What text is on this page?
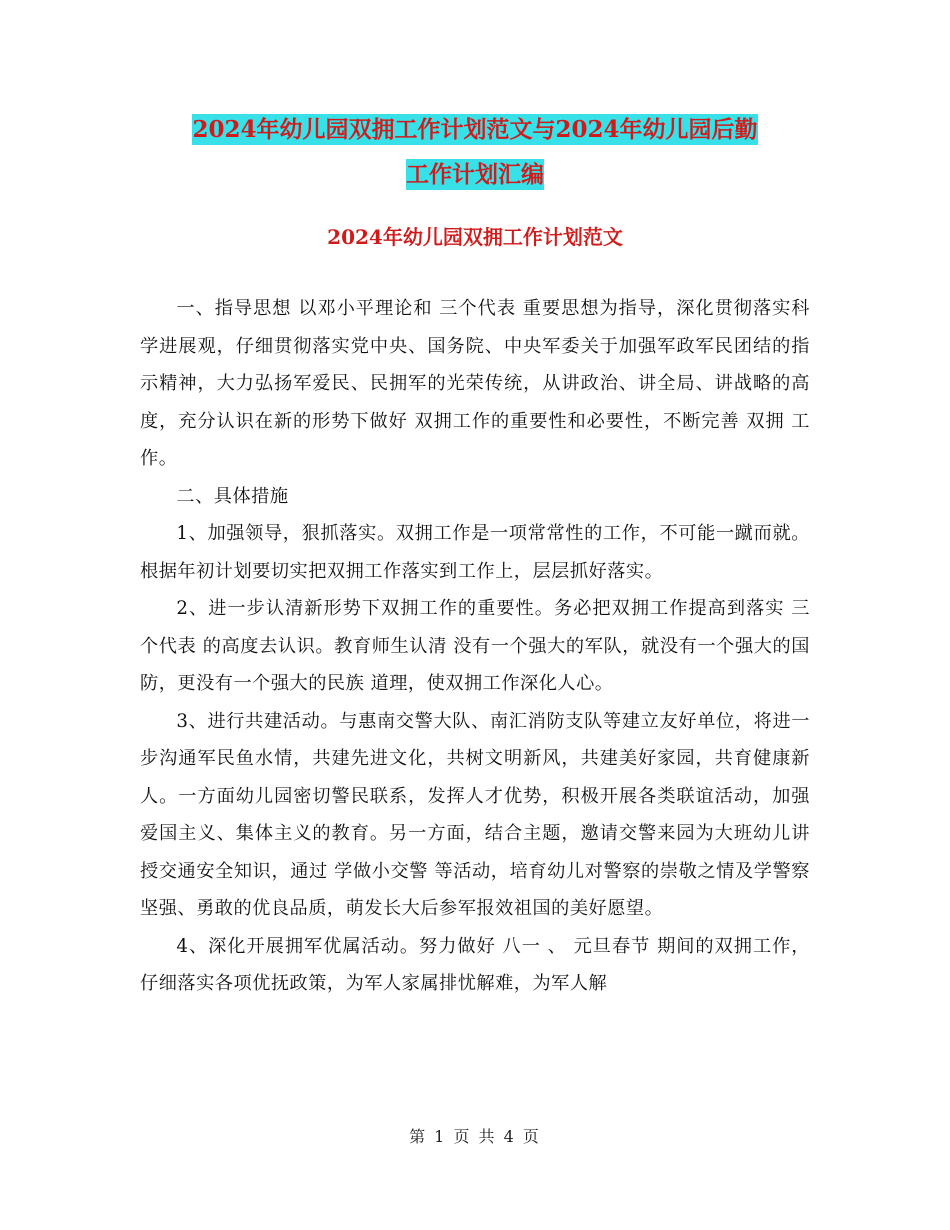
2024年幼儿园双拥工作计划范文与2024年幼儿园后勤
工作计划汇编
2024年幼儿园双拥工作计划范文

一、指导思想 以邓小平理论和 三个代表 重要思想为指导，深化贯彻落实科学进展观，仔细贯彻落实党中央、国务院、中央军委关于加强军政军民团结的指示精神，大力弘扬军爱民、民拥军的光荣传统，从讲政治、讲全局、讲战略的高度，充分认识在新的形势下做好 双拥工作的重要性和必要性，不断完善 双拥 工作。

二、具体措施

1、加强领导，狠抓落实。双拥工作是一项常常性的工作，不可能一蹴而就。根据年初计划要切实把双拥工作落实到工作上，层层抓好落实。

2、进一步认清新形势下双拥工作的重要性。务必把双拥工作提高到落实 三个代表 的高度去认识。教育师生认清 没有一个强大的军队，就没有一个强大的国防，更没有一个强大的民族 道理，使双拥工作深化人心。

3、进行共建活动。与惠南交警大队、南汇消防支队等建立友好单位，将进一步沟通军民鱼水情，共建先进文化，共树文明新风，共建美好家园，共育健康新人。一方面幼儿园密切警民联系，发挥人才优势，积极开展各类联谊活动，加强爱国主义、集体主义的教育。另一方面，结合主题，邀请交警来园为大班幼儿讲授交通安全知识，通过 学做小交警 等活动，培育幼儿对警察的崇敬之情及学警察坚强、勇敢的优良品质，萌发长大后参军报效祖国的美好愿望。

4、深化开展拥军优属活动。努力做好 八一 、 元旦春节 期间的双拥工作，仔细落实各项优抚政策，为军人家属排忧解难，为军人解

第 1 页 共 4 页
